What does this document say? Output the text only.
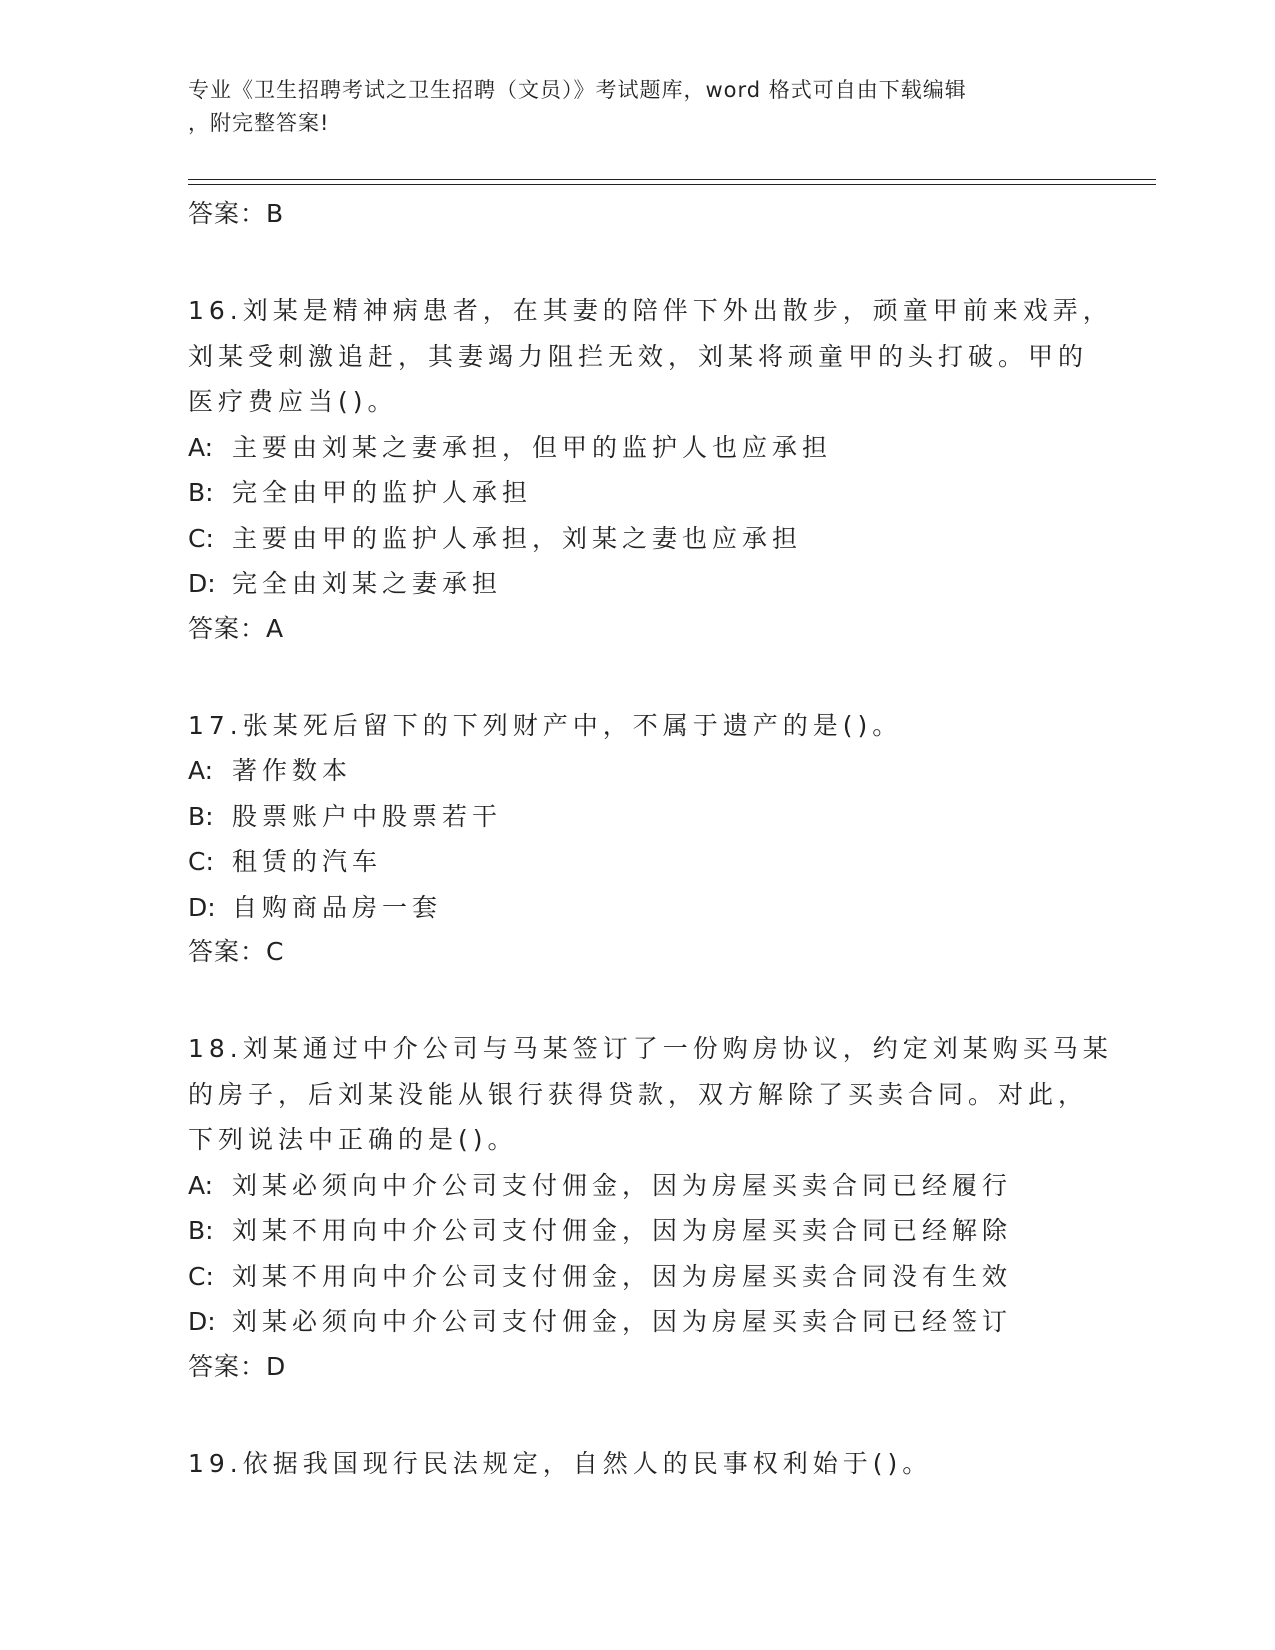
专业《卫生招聘考试之卫生招聘（文员）》考试题库，word 格式可自由下载编辑
，附完整答案!

答案：B

16.刘某是精神病患者，在其妻的陪伴下外出散步，顽童甲前来戏弄，

刘某受刺激追赶，其妻竭力阻拦无效，刘某将顽童甲的头打破。甲的

医疗费应当()。

A: 主要由刘某之妻承担，但甲的监护人也应承担

B: 完全由甲的监护人承担

C: 主要由甲的监护人承担，刘某之妻也应承担

D: 完全由刘某之妻承担

答案：A

17.张某死后留下的下列财产中，不属于遗产的是()。

A: 著作数本

B: 股票账户中股票若干

C: 租赁的汽车

D: 自购商品房一套

答案：C

18.刘某通过中介公司与马某签订了一份购房协议，约定刘某购买马某

的房子，后刘某没能从银行获得贷款，双方解除了买卖合同。对此，

下列说法中正确的是()。

A: 刘某必须向中介公司支付佣金，因为房屋买卖合同已经履行

B: 刘某不用向中介公司支付佣金，因为房屋买卖合同已经解除

C: 刘某不用向中介公司支付佣金，因为房屋买卖合同没有生效

D: 刘某必须向中介公司支付佣金，因为房屋买卖合同已经签订

答案：D

19.依据我国现行民法规定，自然人的民事权利始于()。
